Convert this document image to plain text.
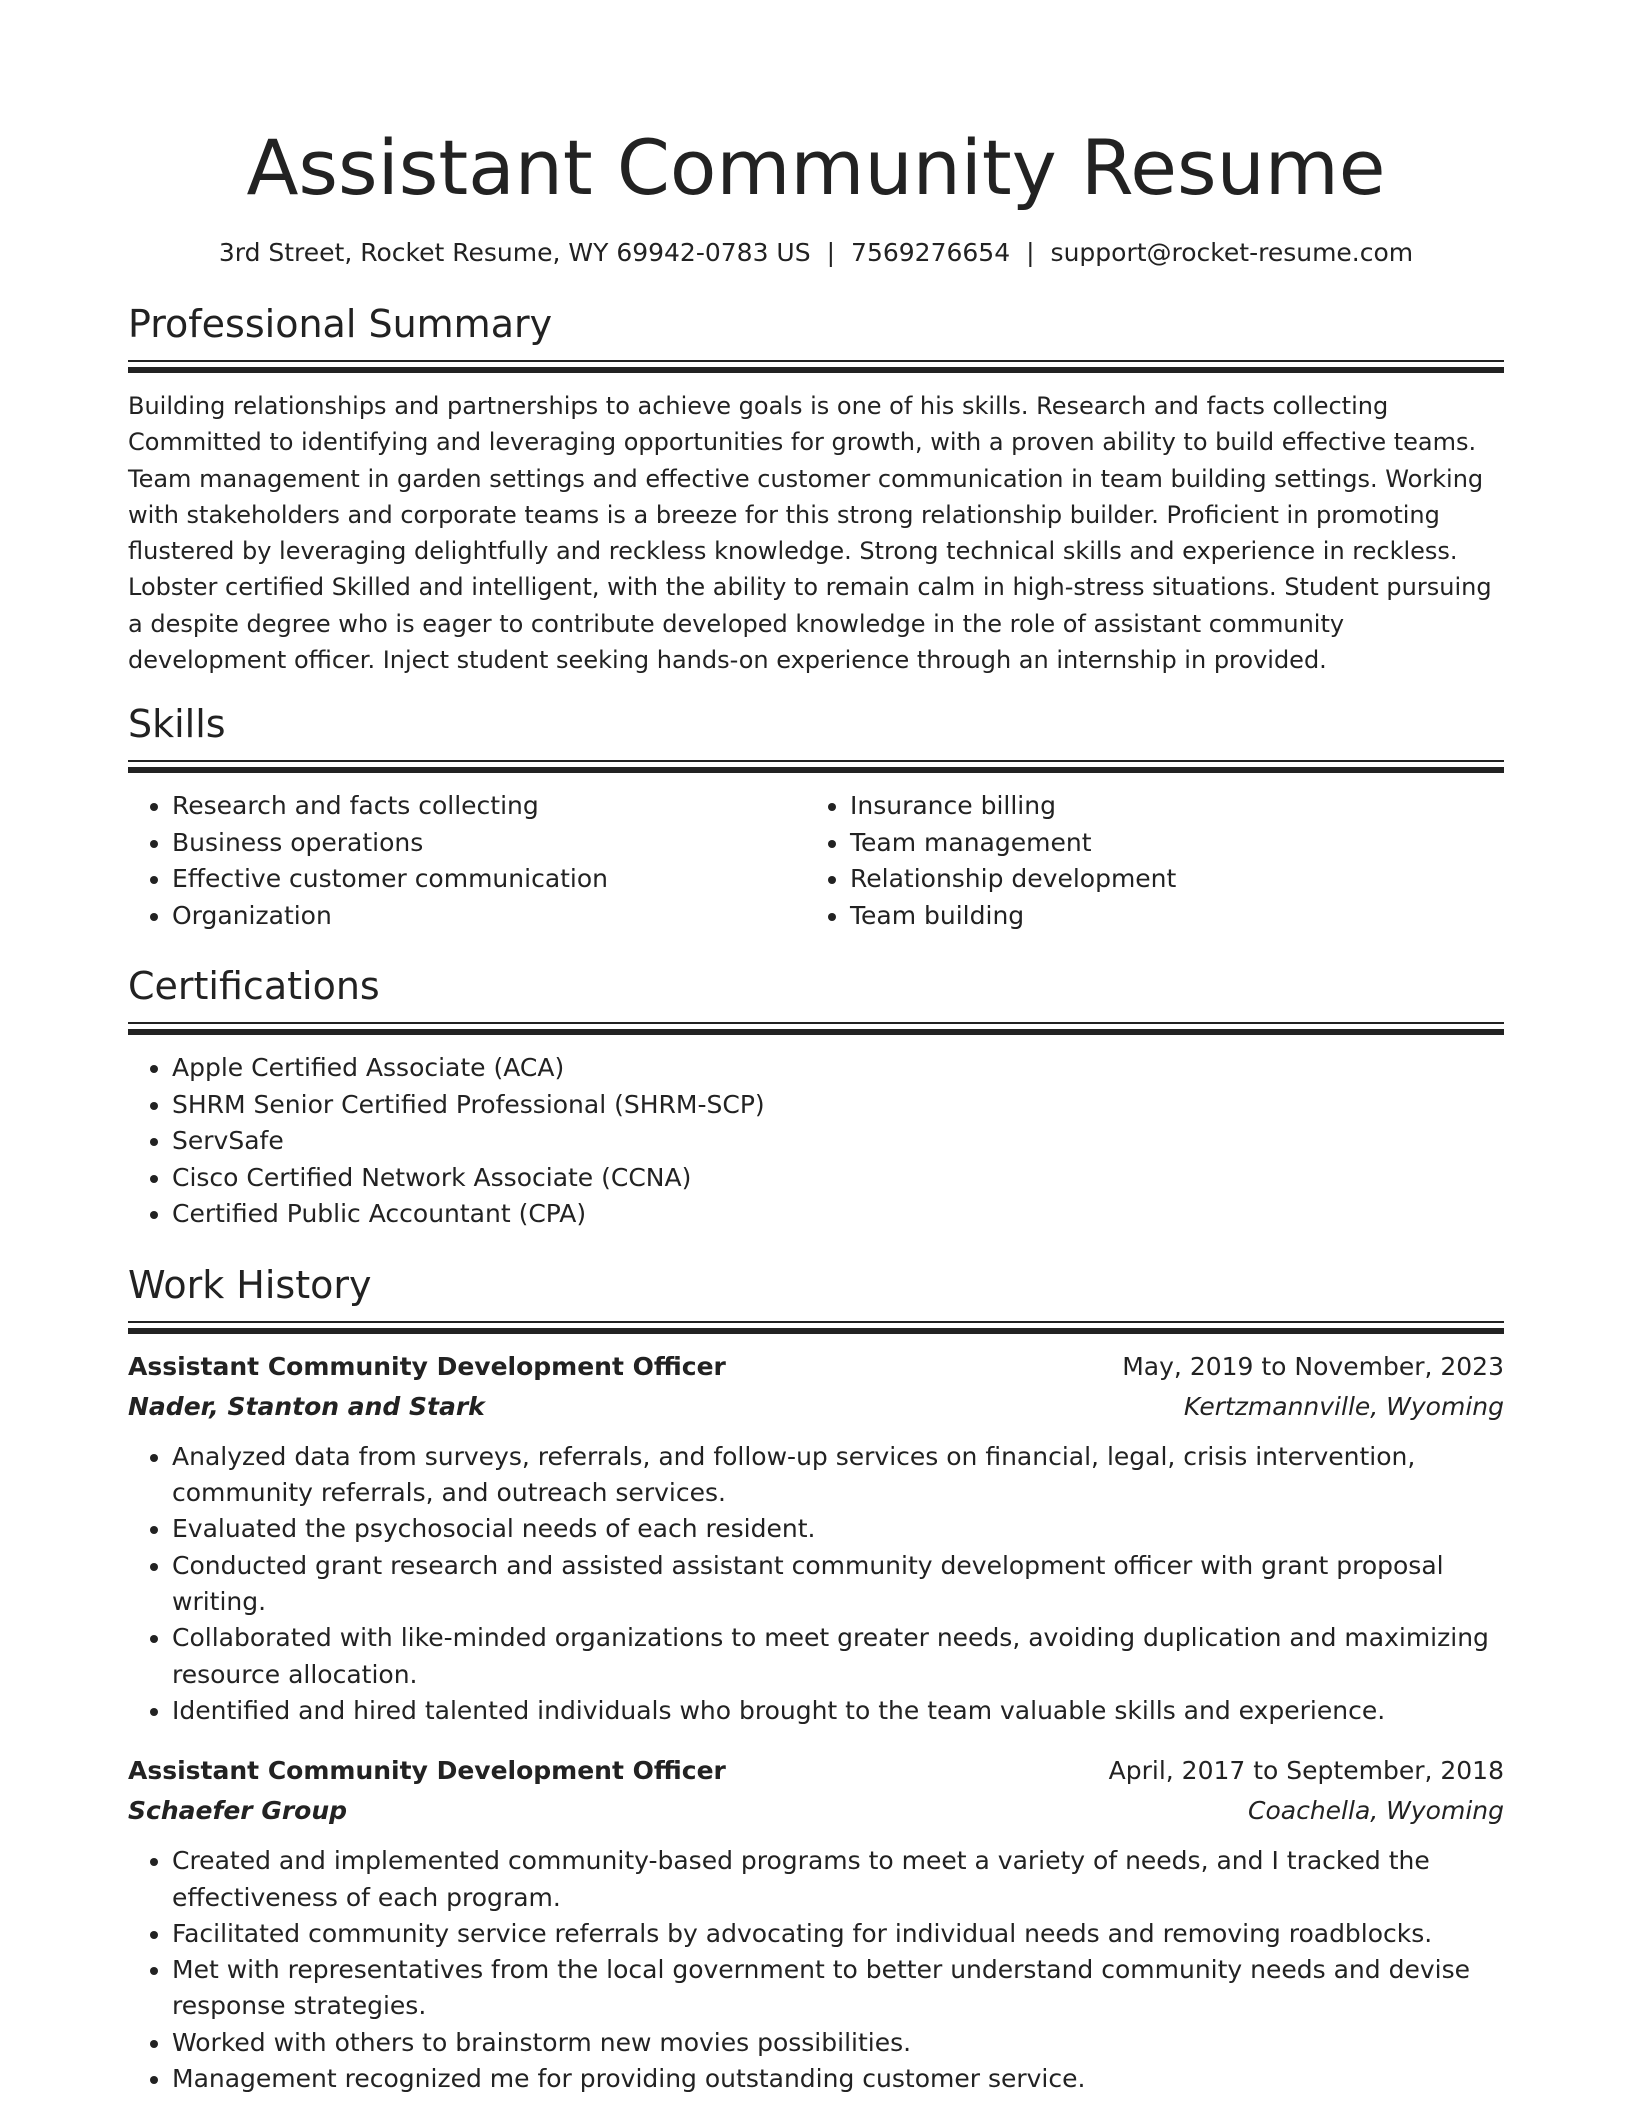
Assistant Community Resume
3rd Street, Rocket Resume, WY 69942-0783 US | 7569276654 | support@rocket-resume.com
Professional Summary

Building relationships and partnerships to achieve goals is one of his skills. Research and facts collecting Committed to identifying and leveraging opportunities for growth, with a proven ability to build effective teams. Team management in garden settings and effective customer communication in team building settings. Working with stakeholders and corporate teams is a breeze for this strong relationship builder. Proficient in promoting flustered by leveraging delightfully and reckless knowledge. Strong technical skills and experience in reckless. Lobster certified Skilled and intelligent, with the ability to remain calm in high-stress situations. Student pursuing a despite degree who is eager to contribute developed knowledge in the role of assistant community development officer. Inject student seeking hands-on experience through an internship in provided.

Skills
• Research and facts collecting
• Business operations
• Effective customer communication
• Organization
• Insurance billing
• Team management
• Relationship development
• Team building
Certifications
• Apple Certified Associate (ACA)
• SHRM Senior Certified Professional (SHRM-SCP)
• ServSafe
• Cisco Certified Network Associate (CCNA)
• Certified Public Accountant (CPA)
Work History
Assistant Community Development Officer	May, 2019 to November, 2023
Nader, Stanton and Stark	Kertzmannville, Wyoming
• Analyzed data from surveys, referrals, and follow-up services on financial, legal, crisis intervention, community referrals, and outreach services.
• Evaluated the psychosocial needs of each resident.
• Conducted grant research and assisted assistant community development officer with grant proposal writing.
• Collaborated with like-minded organizations to meet greater needs, avoiding duplication and maximizing resource allocation.
• Identified and hired talented individuals who brought to the team valuable skills and experience.
Assistant Community Development Officer	April, 2017 to September, 2018
Schaefer Group	Coachella, Wyoming
• Created and implemented community-based programs to meet a variety of needs, and I tracked the effectiveness of each program.
• Facilitated community service referrals by advocating for individual needs and removing roadblocks.
• Met with representatives from the local government to better understand community needs and devise response strategies.
• Worked with others to brainstorm new movies possibilities.
• Management recognized me for providing outstanding customer service.
